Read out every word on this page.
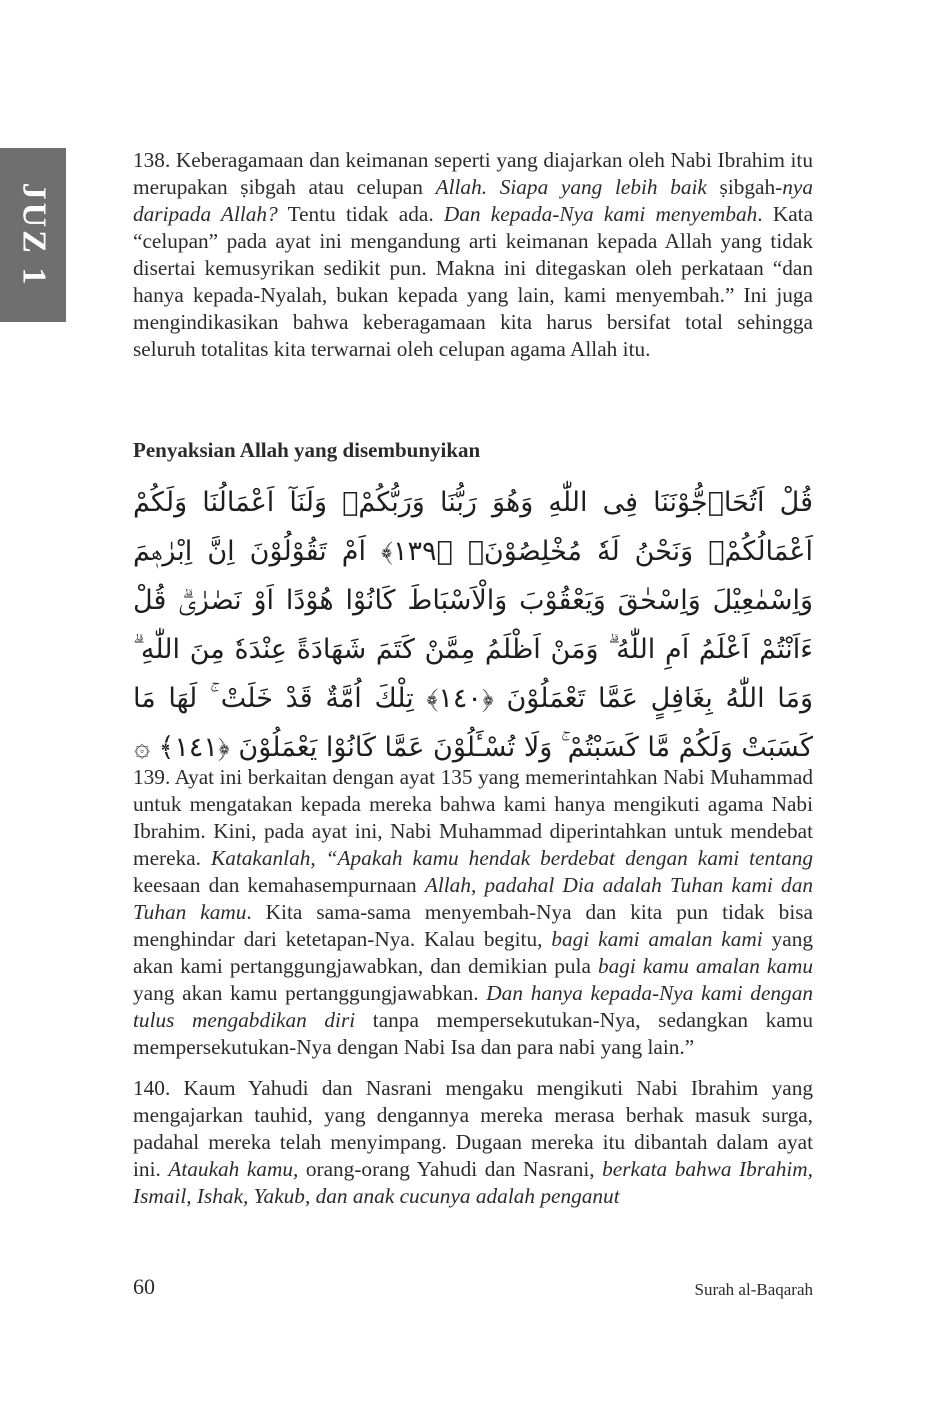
JUZ 1

138. Keberagamaan dan keimanan seperti yang diajarkan oleh Nabi Ibrahim itu merupakan ṣibgah atau celupan Allah. Siapa yang lebih baik ṣibgah-nya daripada Allah? Tentu tidak ada. Dan kepada-Nya kami menyembah. Kata “celupan” pada ayat ini mengandung arti keimanan kepada Allah yang tidak disertai kemusyrikan sedikit pun. Makna ini ditegaskan oleh perkataan “dan hanya kepada-Nyalah, bukan kepada yang lain, kami menyembah.” Ini juga mengindikasikan bahwa keberagamaan kita harus bersifat total sehingga seluruh totalitas kita terwarnai oleh celupan agama Allah itu.

Penyaksian Allah yang disembunyikan

قُلْ اَتُحَاۤجُّوْنَنَا فِى اللّٰهِ وَهُوَ رَبُّنَا وَرَبُّكُمْۚ وَلَنَآ اَعْمَالُنَا وَلَكُمْ اَعْمَالُكُمْۚ وَنَحْنُ لَهٗ مُخْلِصُوْنَۙ ﴿١٣٩﴾ اَمْ تَقُوْلُوْنَ اِنَّ اِبْرٰهٖمَ وَاِسْمٰعِيْلَ وَاِسْحٰقَ وَيَعْقُوْبَ وَالْاَسْبَاطَ كَانُوْا هُوْدًا اَوْ نَصٰرٰىۗ قُلْ ءَاَنْتُمْ اَعْلَمُ اَمِ اللّٰهُ ۗ وَمَنْ اَظْلَمُ مِمَّنْ كَتَمَ شَهَادَةً عِنْدَهٗ مِنَ اللّٰهِ ۗ وَمَا اللّٰهُ بِغَافِلٍ عَمَّا تَعْمَلُوْنَ ﴿١٤٠﴾ تِلْكَ اُمَّةٌ قَدْ خَلَتْ ۚ لَهَا مَا كَسَبَتْ وَلَكُمْ مَّا كَسَبْتُمْ ۚ وَلَا تُسْـَٔلُوْنَ عَمَّا كَانُوْا يَعْمَلُوْنَ ﴿١٤١﴾ ۞

139. Ayat ini berkaitan dengan ayat 135 yang memerintahkan Nabi Muhammad untuk mengatakan kepada mereka bahwa kami hanya mengikuti agama Nabi Ibrahim. Kini, pada ayat ini, Nabi Muhammad diperintahkan untuk mendebat mereka. Katakanlah, “Apakah kamu hendak berdebat dengan kami tentang keesaan dan kemahasempurnaan Allah, padahal Dia adalah Tuhan kami dan Tuhan kamu. Kita sama-sama menyembah-Nya dan kita pun tidak bisa menghindar dari ketetapan-Nya. Kalau begitu, bagi kami amalan kami yang akan kami pertanggungjawabkan, dan demikian pula bagi kamu amalan kamu yang akan kamu pertanggungjawabkan. Dan hanya kepada-Nya kami dengan tulus mengabdikan diri tanpa mempersekutukan-Nya, sedangkan kamu mempersekutukan-Nya dengan Nabi Isa dan para nabi yang lain.”

140. Kaum Yahudi dan Nasrani mengaku mengikuti Nabi Ibrahim yang mengajarkan tauhid, yang dengannya mereka merasa berhak masuk surga, padahal mereka telah menyimpang. Dugaan mereka itu dibantah dalam ayat ini. Ataukah kamu, orang-orang Yahudi dan Nasrani, berkata bahwa Ibrahim, Ismail, Ishak, Yakub, dan anak cucunya adalah penganut

60	Surah al-Baqarah
